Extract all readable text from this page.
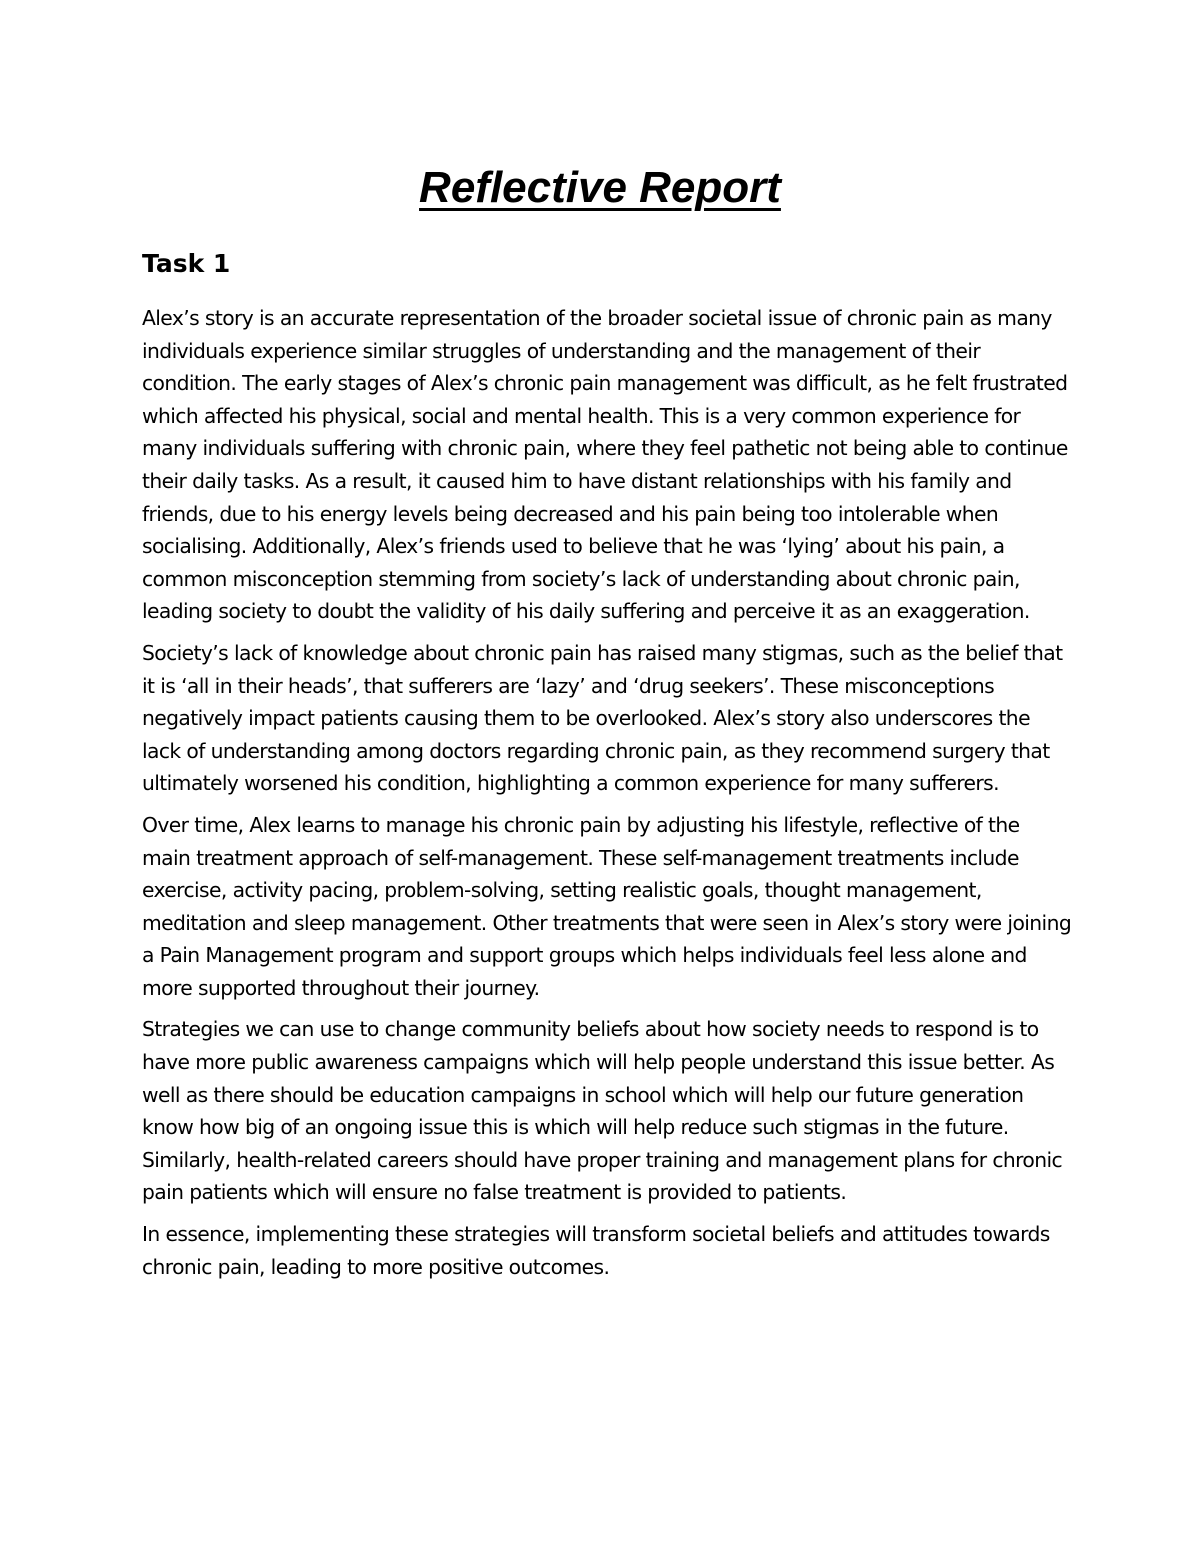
Reflective Report
Task 1

Alex’s story is an accurate representation of the broader societal issue of chronic pain as many individuals experience similar struggles of understanding and the management of their condition. The early stages of Alex’s chronic pain management was difficult, as he felt frustrated which affected his physical, social and mental health. This is a very common experience for many individuals suffering with chronic pain, where they feel pathetic not being able to continue their daily tasks. As a result, it caused him to have distant relationships with his family and friends, due to his energy levels being decreased and his pain being too intolerable when socialising. Additionally, Alex’s friends used to believe that he was ‘lying’ about his pain, a common misconception stemming from society’s lack of understanding about chronic pain, leading society to doubt the validity of his daily suffering and perceive it as an exaggeration.

Society’s lack of knowledge about chronic pain has raised many stigmas, such as the belief that it is ‘all in their heads’, that sufferers are ‘lazy’ and ‘drug seekers’. These misconceptions negatively impact patients causing them to be overlooked. Alex’s story also underscores the lack of understanding among doctors regarding chronic pain, as they recommend surgery that ultimately worsened his condition, highlighting a common experience for many sufferers.

Over time, Alex learns to manage his chronic pain by adjusting his lifestyle, reflective of the main treatment approach of self-management. These self-management treatments include exercise, activity pacing, problem-solving, setting realistic goals, thought management, meditation and sleep management. Other treatments that were seen in Alex’s story were joining a Pain Management program and support groups which helps individuals feel less alone and more supported throughout their journey.

Strategies we can use to change community beliefs about how society needs to respond is to have more public awareness campaigns which will help people understand this issue better. As well as there should be education campaigns in school which will help our future generation know how big of an ongoing issue this is which will help reduce such stigmas in the future. Similarly, health-related careers should have proper training and management plans for chronic pain patients which will ensure no false treatment is provided to patients.

In essence, implementing these strategies will transform societal beliefs and attitudes towards chronic pain, leading to more positive outcomes.
